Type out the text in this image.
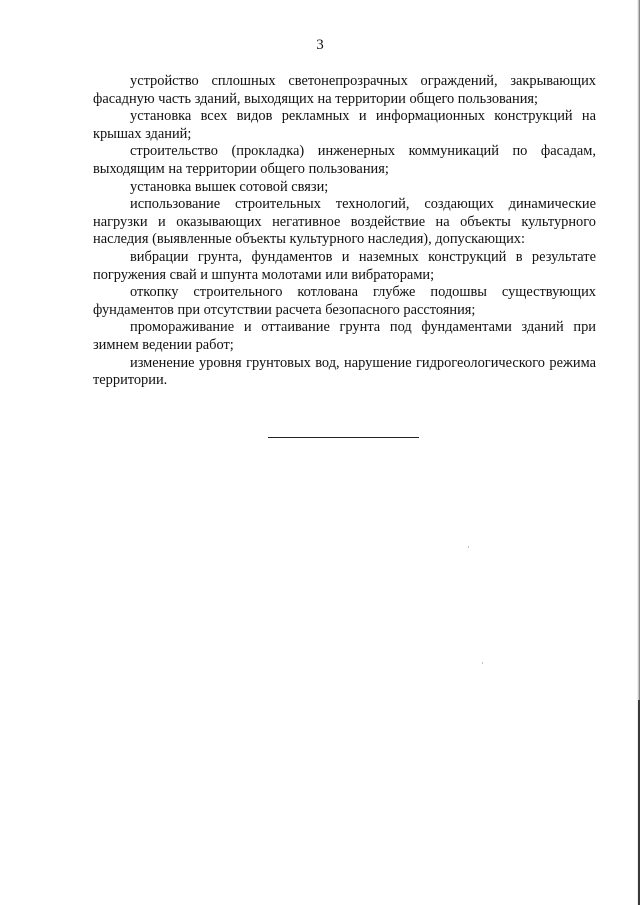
3

устройство сплошных светонепрозрачных ограждений, закрывающих фасадную часть зданий, выходящих на территории общего пользования;

установка всех видов рекламных и информационных конструкций на крышах зданий;

строительство (прокладка) инженерных коммуникаций по фасадам, выходящим на территории общего пользования;

установка вышек сотовой связи;

использование строительных технологий, создающих динамические нагрузки и оказывающих негативное воздействие на объекты культурного наследия (выявленные объекты культурного наследия), допускающих:

вибрации грунта, фундаментов и наземных конструкций в результате погружения свай и шпунта молотами или вибраторами;

откопку строительного котлована глубже подошвы существующих фундаментов при отсутствии расчета безопасного расстояния;

промораживание и оттаивание грунта под фундаментами зданий при зимнем ведении работ;

изменение уровня грунтовых вод, нарушение гидрогеологического режима территории.
